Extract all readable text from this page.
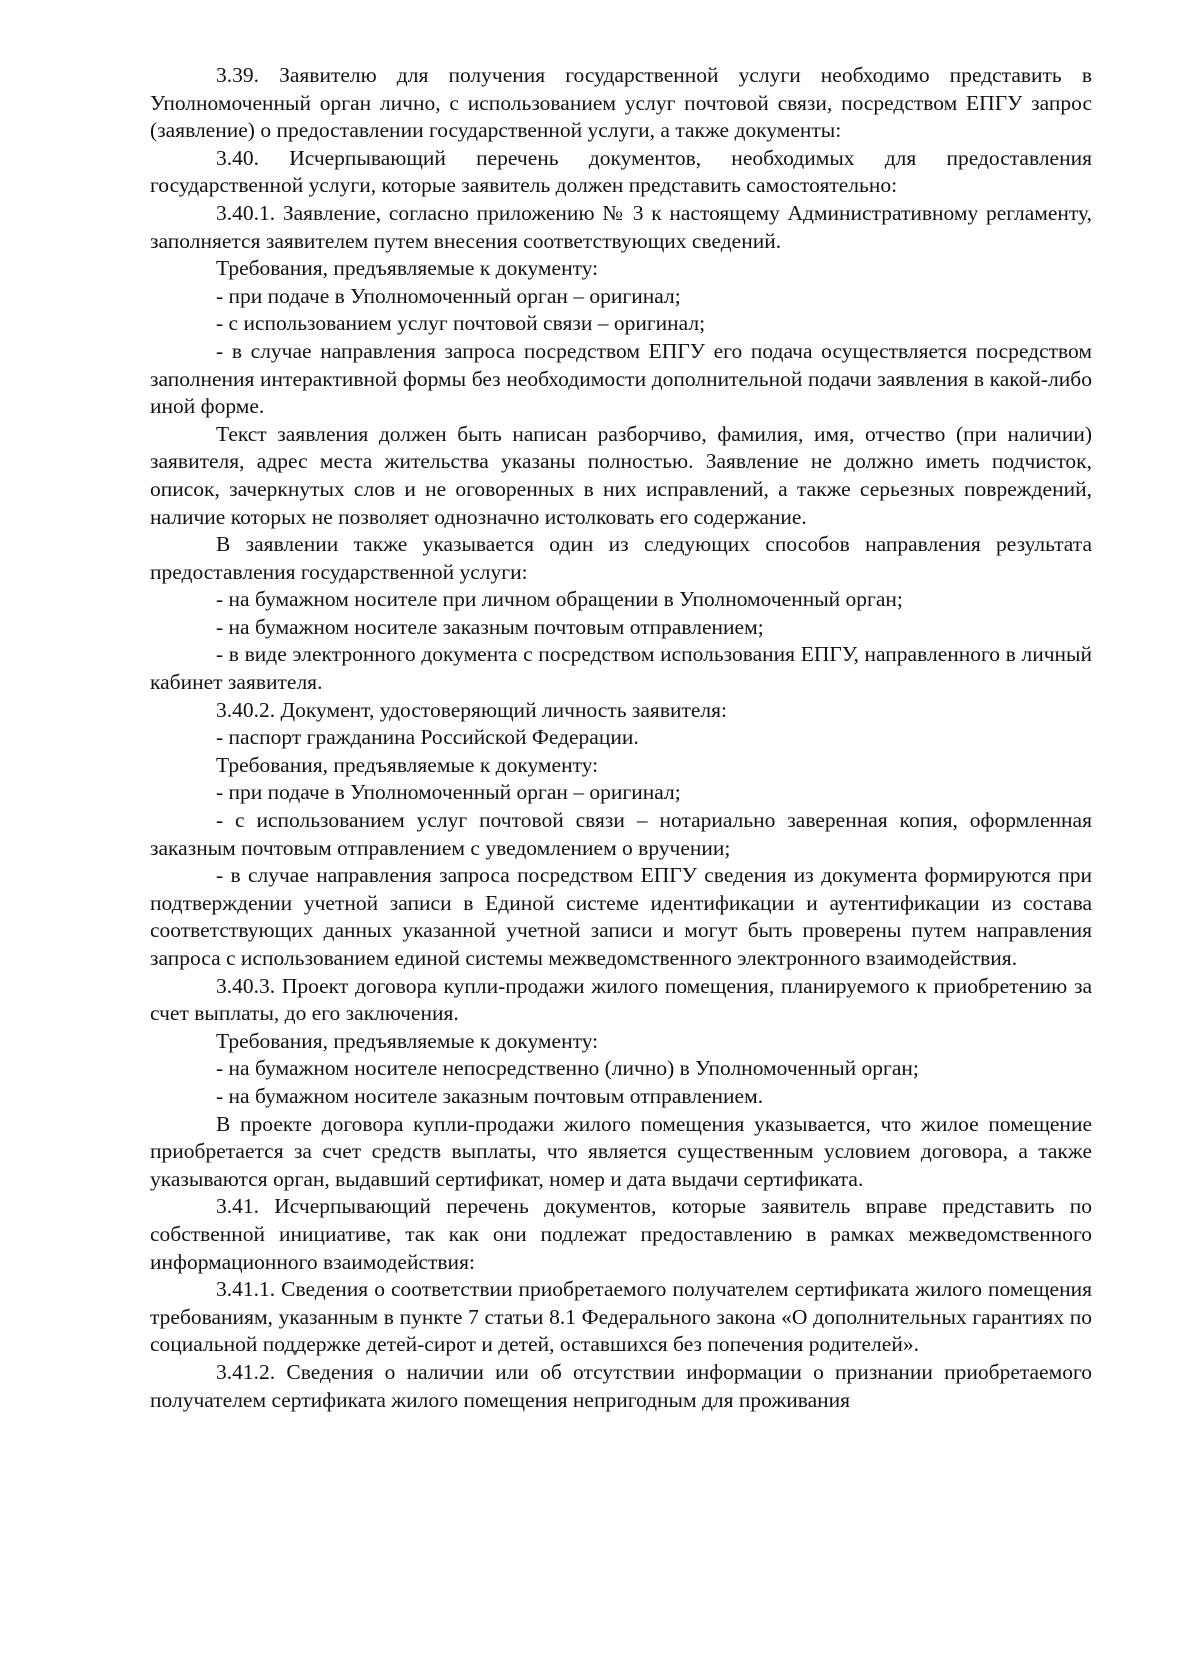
3.39. Заявителю для получения государственной услуги необходимо представить в Уполномоченный орган лично, с использованием услуг почтовой связи, посредством ЕПГУ запрос (заявление) о предоставлении государственной услуги, а также документы:

3.40. Исчерпывающий перечень документов, необходимых для предоставления государственной услуги, которые заявитель должен представить самостоятельно:

3.40.1. Заявление, согласно приложению № 3 к настоящему Административному регламенту, заполняется заявителем путем внесения соответствующих сведений.

Требования, предъявляемые к документу:

- при подаче в Уполномоченный орган – оригинал;

- с использованием услуг почтовой связи – оригинал;

- в случае направления запроса посредством ЕПГУ его подача осуществляется посредством заполнения интерактивной формы без необходимости дополнительной подачи заявления в какой-либо иной форме.

Текст заявления должен быть написан разборчиво, фамилия, имя, отчество (при наличии) заявителя, адрес места жительства указаны полностью. Заявление не должно иметь подчисток, описок, зачеркнутых слов и не оговоренных в них исправлений, а также серьезных повреждений, наличие которых не позволяет однозначно истолковать его содержание.

В заявлении также указывается один из следующих способов направления результата предоставления государственной услуги:

- на бумажном носителе при личном обращении в Уполномоченный орган;

- на бумажном носителе заказным почтовым отправлением;

- в виде электронного документа с посредством использования ЕПГУ, направленного в личный кабинет заявителя.

3.40.2. Документ, удостоверяющий личность заявителя:

- паспорт гражданина Российской Федерации.

Требования, предъявляемые к документу:

- при подаче в Уполномоченный орган – оригинал;

- с использованием услуг почтовой связи – нотариально заверенная копия, оформленная заказным почтовым отправлением с уведомлением о вручении;

- в случае направления запроса посредством ЕПГУ сведения из документа формируются при подтверждении учетной записи в Единой системе идентификации и аутентификации из состава соответствующих данных указанной учетной записи и могут быть проверены путем направления запроса с использованием единой системы межведомственного электронного взаимодействия.

3.40.3. Проект договора купли-продажи жилого помещения, планируемого к приобретению за счет выплаты, до его заключения.

Требования, предъявляемые к документу:

- на бумажном носителе непосредственно (лично) в Уполномоченный орган;

- на бумажном носителе заказным почтовым отправлением.

В проекте договора купли-продажи жилого помещения указывается, что жилое помещение приобретается за счет средств выплаты, что является существенным условием договора, а также указываются орган, выдавший сертификат, номер и дата выдачи сертификата.

3.41. Исчерпывающий перечень документов, которые заявитель вправе представить по собственной инициативе, так как они подлежат предоставлению в рамках межведомственного информационного взаимодействия:

3.41.1. Сведения о соответствии приобретаемого получателем сертификата жилого помещения требованиям, указанным в пункте 7 статьи 8.1 Федерального закона «О дополнительных гарантиях по социальной поддержке детей-сирот и детей, оставшихся без попечения родителей».

3.41.2. Сведения о наличии или об отсутствии информации о признании приобретаемого получателем сертификата жилого помещения непригодным для проживания
